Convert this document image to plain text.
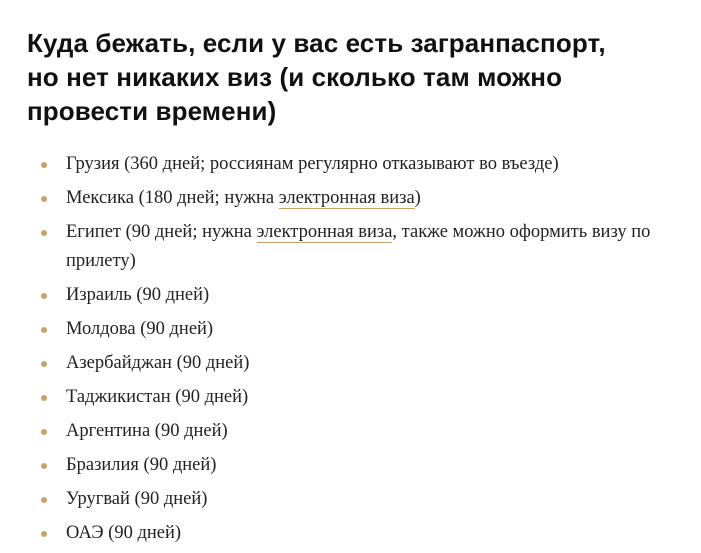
Куда бежать, если у вас есть загранпаспорт,
но нет никаких виз (и сколько там можно
провести времени)
Грузия (360 дней; россиянам регулярно отказывают во въезде)
Мексика (180 дней; нужна электронная виза)
Египет (90 дней; нужна электронная виза, также можно оформить визу по прилету)
Израиль (90 дней)
Молдова (90 дней)
Азербайджан (90 дней)
Таджикистан (90 дней)
Аргентина (90 дней)
Бразилия (90 дней)
Уругвай (90 дней)
ОАЭ (90 дней)
